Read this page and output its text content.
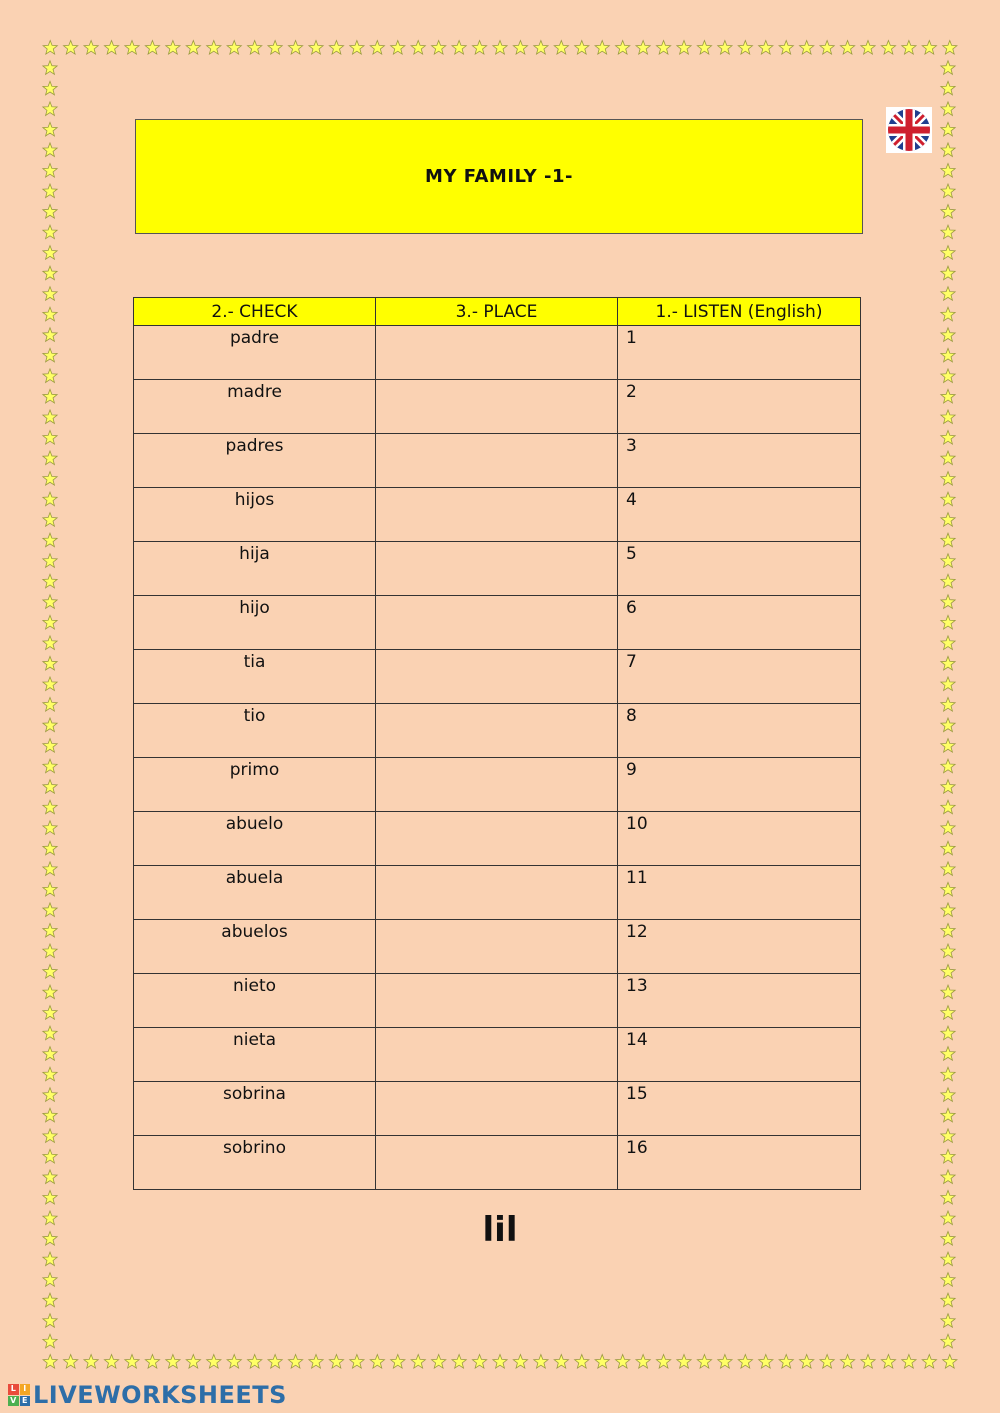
MY FAMILY -1-
2.- CHECK	3.- PLACE	1.- LISTEN (English)
padre		1
madre		2
padres		3
hijos		4
hija		5
hijo		6
tia		7
tio		8
primo		9
abuelo		10
abuela		11
abuelos		12
nieto		13
nieta		14
sobrina		15
sobrino		16
lil
L I
V E LIVEWORKSHEETS
